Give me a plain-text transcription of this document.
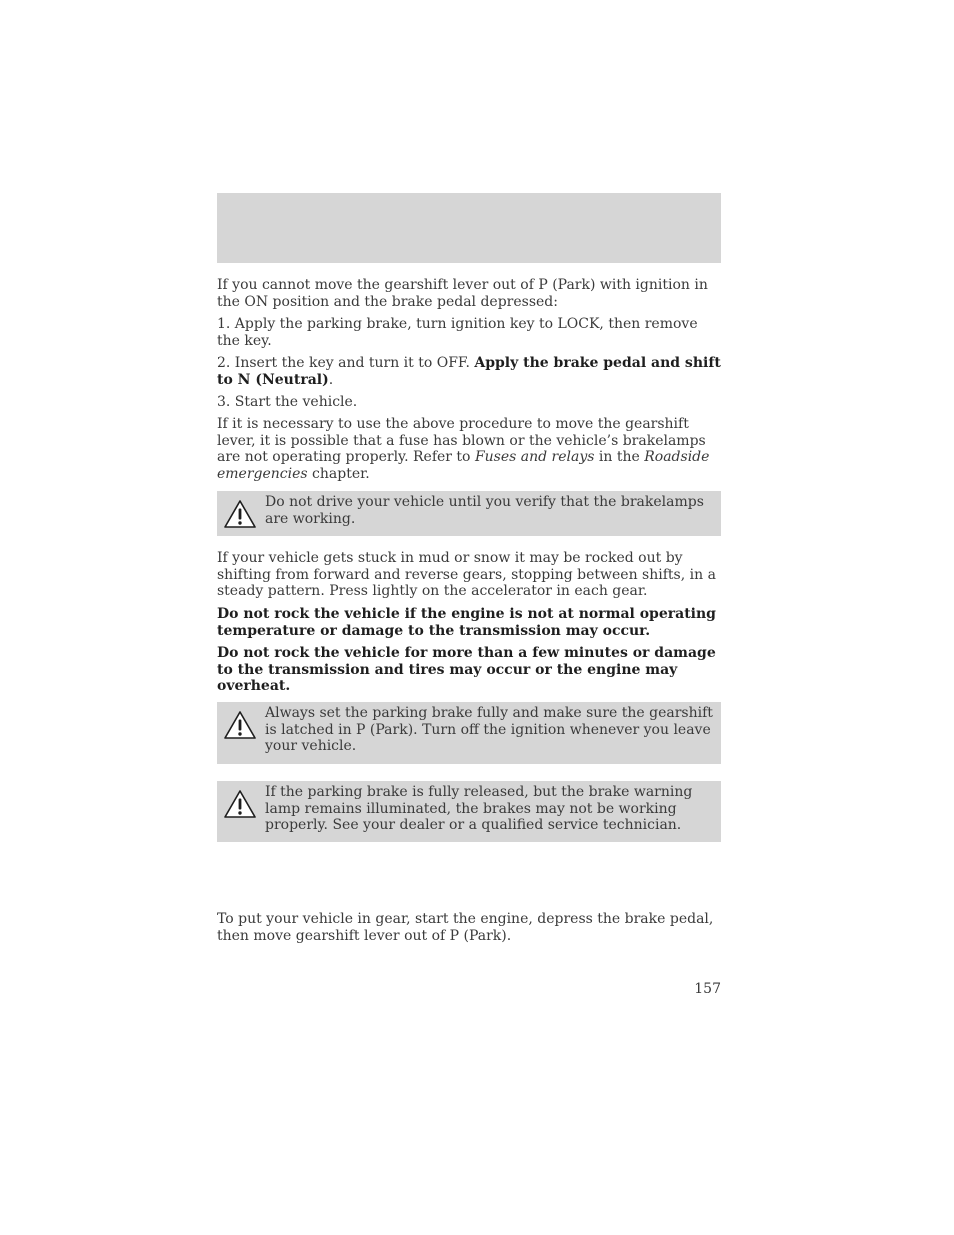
If you cannot move the gearshift lever out of P (Park) with ignition in the ON position and the brake pedal depressed:

1. Apply the parking brake, turn ignition key to LOCK, then remove the key.

2. Insert the key and turn it to OFF. Apply the brake pedal and shift to N (Neutral).

3. Start the vehicle.

If it is necessary to use the above procedure to move the gearshift lever, it is possible that a fuse has blown or the vehicle’s brakelamps are not operating properly. Refer to Fuses and relays in the Roadside emergencies chapter.

Do not drive your vehicle until you verify that the brakelamps are working.

If your vehicle gets stuck in mud or snow it may be rocked out by shifting from forward and reverse gears, stopping between shifts, in a steady pattern. Press lightly on the accelerator in each gear.

Do not rock the vehicle if the engine is not at normal operating temperature or damage to the transmission may occur.

Do not rock the vehicle for more than a few minutes or damage to the transmission and tires may occur or the engine may overheat.

Always set the parking brake fully and make sure the gearshift is latched in P (Park). Turn off the ignition whenever you leave your vehicle.
If the parking brake is fully released, but the brake warning lamp remains illuminated, the brakes may not be working properly. See your dealer or a qualified service technician.

To put your vehicle in gear, start the engine, depress the brake pedal, then move gearshift lever out of P (Park).

157
